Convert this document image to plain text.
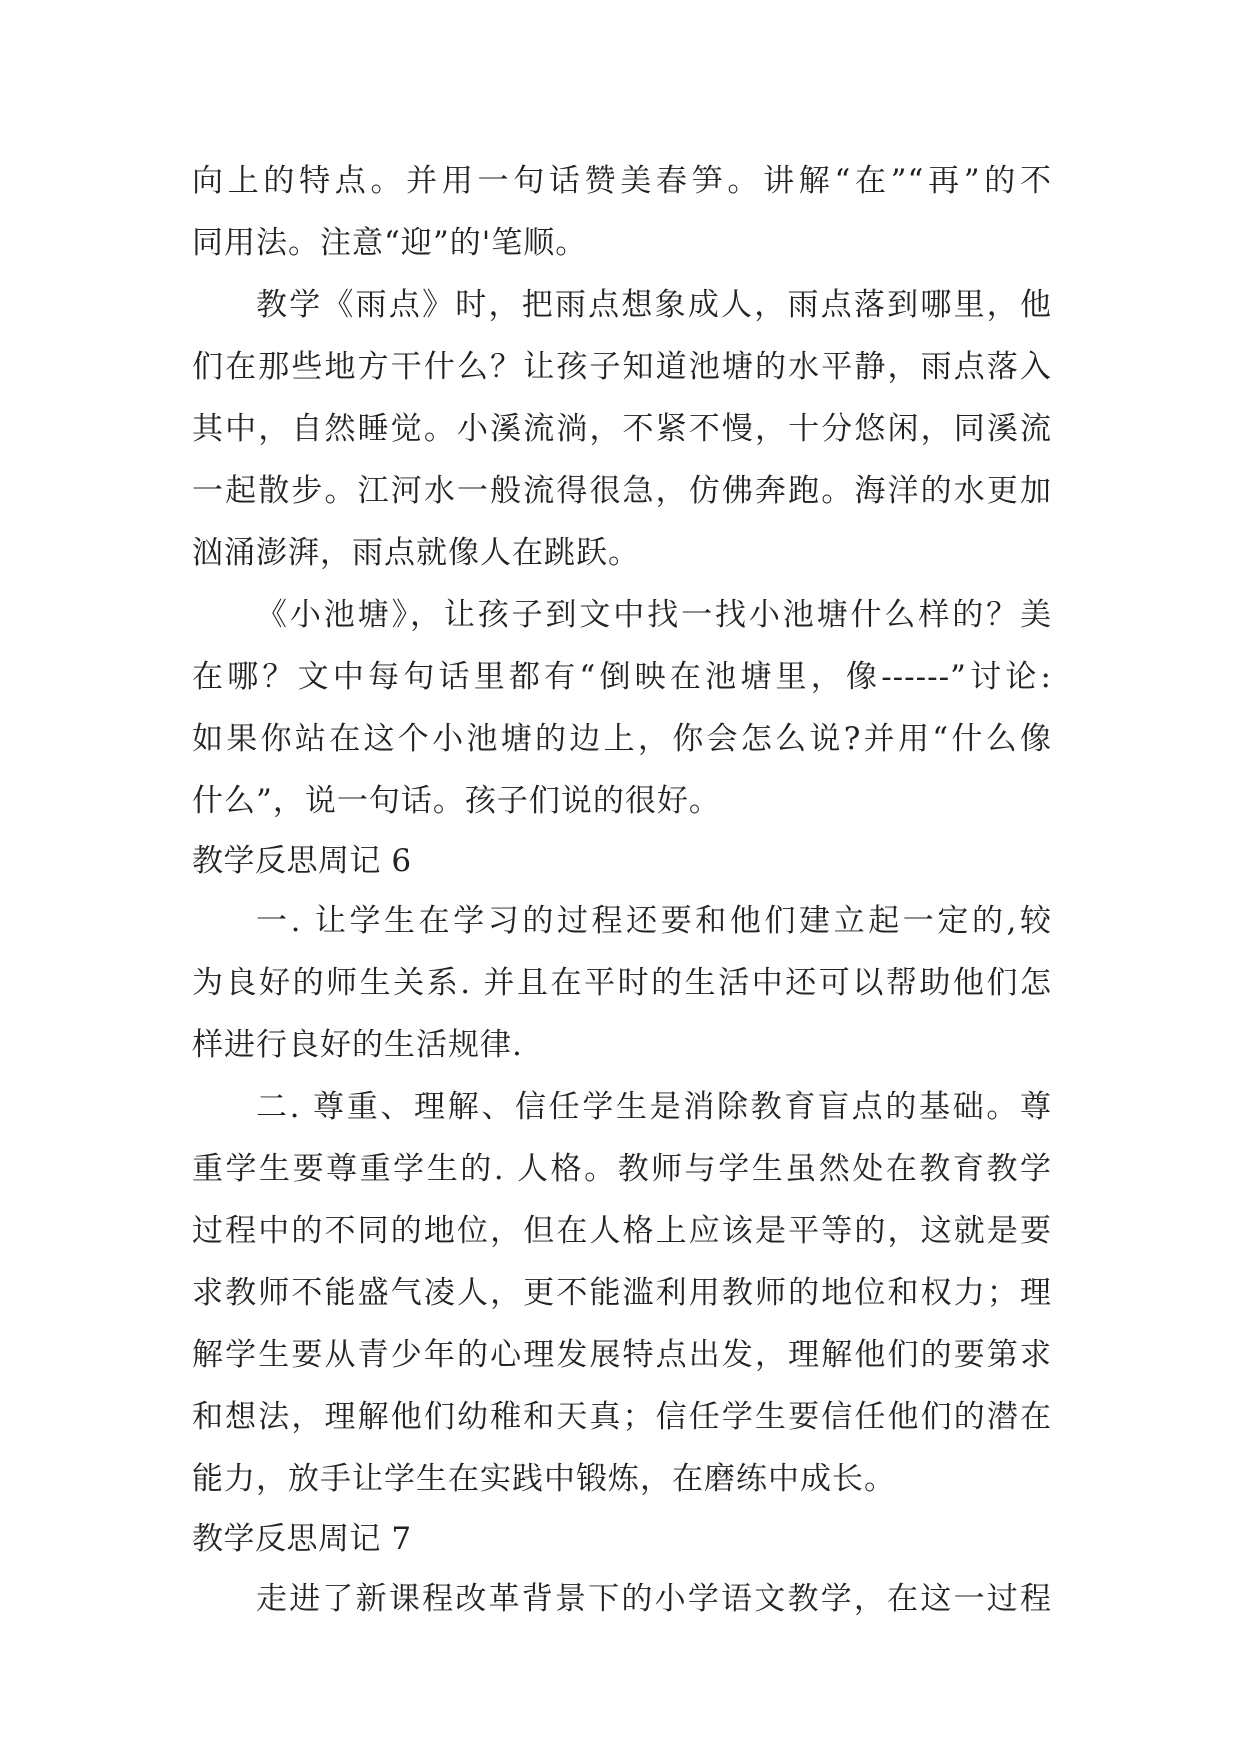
向上的特点。并用一句话赞美春笋。讲解“在”“再”的不
同用法。注意“迎”的'笔顺。
教学《雨点》时，把雨点想象成人，雨点落到哪里，他
们在那些地方干什么？让孩子知道池塘的水平静，雨点落入
其中，自然睡觉。小溪流淌，不紧不慢，十分悠闲，同溪流
一起散步。江河水一般流得很急，仿佛奔跑。海洋的水更加
汹涌澎湃，雨点就像人在跳跃。
《小池塘》，让孩子到文中找一找小池塘什么样的？美
在哪？文中每句话里都有“倒映在池塘里，像------”讨论:
如果你站在这个小池塘的边上，你会怎么说?并用“什么像
什么”，说一句话。孩子们说的很好。
教学反思周记 6
一. 让学生在学习的过程还要和他们建立起一定的,较
为良好的师生关系. 并且在平时的生活中还可以帮助他们怎
样进行良好的生活规律.
二. 尊重、理解、信任学生是消除教育盲点的基础。尊
重学生要尊重学生的. 人格。教师与学生虽然处在教育教学
过程中的不同的地位，但在人格上应该是平等的，这就是要
求教师不能盛气凌人，更不能滥利用教师的地位和权力；理
解学生要从青少年的心理发展特点出发，理解他们的要第求
和想法，理解他们幼稚和天真；信任学生要信任他们的潜在
能力，放手让学生在实践中锻炼，在磨练中成长。
教学反思周记 7
走进了新课程改革背景下的小学语文教学，在这一过程
